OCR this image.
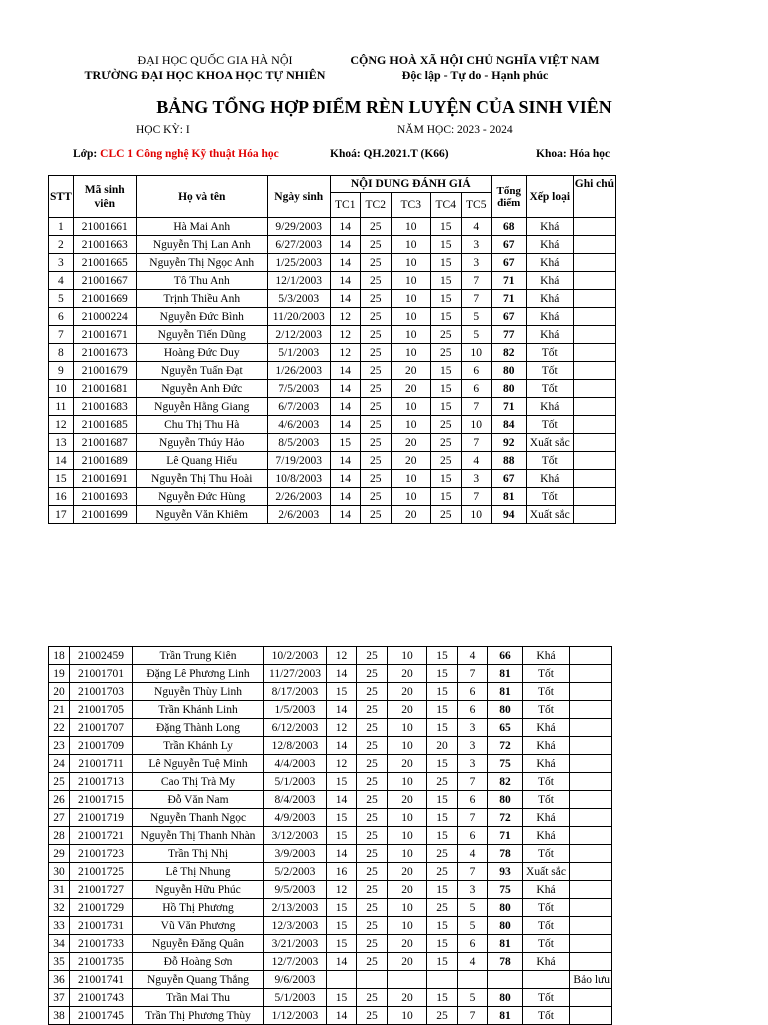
ĐẠI HỌC QUỐC GIA HÀ NỘI
TRƯỜNG ĐẠI HỌC KHOA HỌC TỰ NHIÊN
CỘNG HOÀ XÃ HỘI CHỦ NGHĨA VIỆT NAM
Độc lập - Tự do - Hạnh phúc
BẢNG TỔNG HỢP ĐIỂM RÈN LUYỆN CỦA SINH VIÊN
HỌC KỲ: I	NĂM HỌC: 2023 - 2024
Lớp: CLC 1 Công nghệ Kỹ thuật Hóa học	Khoá: QH.2021.T (K66)	Khoa: Hóa học
STT	Mã sinh viên	Họ và tên	Ngày sinh	NỘI DUNG ĐÁNH GIÁ					Tổng điểm	Xếp loại	Ghi chú
				TC1	TC2	TC3	TC4	TC5			
1	21001661	Hà Mai Anh	9/29/2003	14	25	10	15	4	68	Khá	
2	21001663	Nguyễn Thị Lan Anh	6/27/2003	14	25	10	15	3	67	Khá	
3	21001665	Nguyễn Thị Ngọc Anh	1/25/2003	14	25	10	15	3	67	Khá	
4	21001667	Tô Thu Anh	12/1/2003	14	25	10	15	7	71	Khá	
5	21001669	Trịnh Thiều Anh	5/3/2003	14	25	10	15	7	71	Khá	
6	21000224	Nguyễn Đức Bình	11/20/2003	12	25	10	15	5	67	Khá	
7	21001671	Nguyễn Tiến Dũng	2/12/2003	12	25	10	25	5	77	Khá	
8	21001673	Hoàng Đức Duy	5/1/2003	12	25	10	25	10	82	Tốt	
9	21001679	Nguyễn Tuấn Đạt	1/26/2003	14	25	20	15	6	80	Tốt	
10	21001681	Nguyễn Anh Đức	7/5/2003	14	25	20	15	6	80	Tốt	
11	21001683	Nguyễn Hằng Giang	6/7/2003	14	25	10	15	7	71	Khá	
12	21001685	Chu Thị Thu Hà	4/6/2003	14	25	10	25	10	84	Tốt	
13	21001687	Nguyễn Thúy Hảo	8/5/2003	15	25	20	25	7	92	Xuất sắc	
14	21001689	Lê Quang Hiếu	7/19/2003	14	25	20	25	4	88	Tốt	
15	21001691	Nguyễn Thị Thu Hoài	10/8/2003	14	25	10	15	3	67	Khá	
16	21001693	Nguyễn Đức Hùng	2/26/2003	14	25	10	15	7	81	Tốt	
17	21001699	Nguyễn Văn Khiêm	2/6/2003	14	25	20	25	10	94	Xuất sắc	
18	21002459	Trần Trung Kiên	10/2/2003	12	25	10	15	4	66	Khá	
19	21001701	Đặng Lê Phương Linh	11/27/2003	14	25	20	15	7	81	Tốt	
20	21001703	Nguyễn Thùy Linh	8/17/2003	15	25	20	15	6	81	Tốt	
21	21001705	Trần Khánh Linh	1/5/2003	14	25	20	15	6	80	Tốt	
22	21001707	Đặng Thành Long	6/12/2003	12	25	10	15	3	65	Khá	
23	21001709	Trần Khánh Ly	12/8/2003	14	25	10	20	3	72	Khá	
24	21001711	Lê Nguyễn Tuệ Minh	4/4/2003	12	25	20	15	3	75	Khá	
25	21001713	Cao Thị Trà My	5/1/2003	15	25	10	25	7	82	Tốt	
26	21001715	Đỗ Văn Nam	8/4/2003	14	25	20	15	6	80	Tốt	
27	21001719	Nguyễn Thanh Ngọc	4/9/2003	15	25	10	15	7	72	Khá	
28	21001721	Nguyễn Thị Thanh Nhàn	3/12/2003	15	25	10	15	6	71	Khá	
29	21001723	Trần Thị Nhị	3/9/2003	14	25	10	25	4	78	Tốt	
30	21001725	Lê Thị Nhung	5/2/2003	16	25	20	25	7	93	Xuất sắc	
31	21001727	Nguyễn Hữu Phúc	9/5/2003	12	25	20	15	3	75	Khá	
32	21001729	Hồ Thị Phương	2/13/2003	15	25	10	25	5	80	Tốt	
33	21001731	Vũ Văn Phương	12/3/2003	15	25	10	15	5	80	Tốt	
34	21001733	Nguyễn Đăng Quân	3/21/2003	15	25	20	15	6	81	Tốt	
35	21001735	Đỗ Hoàng Sơn	12/7/2003	14	25	20	15	4	78	Khá	
36	21001741	Nguyễn Quang Thắng	9/6/2003								Bảo lưu
37	21001743	Trần Mai Thu	5/1/2003	15	25	20	15	5	80	Tốt	
38	21001745	Trần Thị Phương Thùy	1/12/2003	14	25	10	25	7	81	Tốt	
